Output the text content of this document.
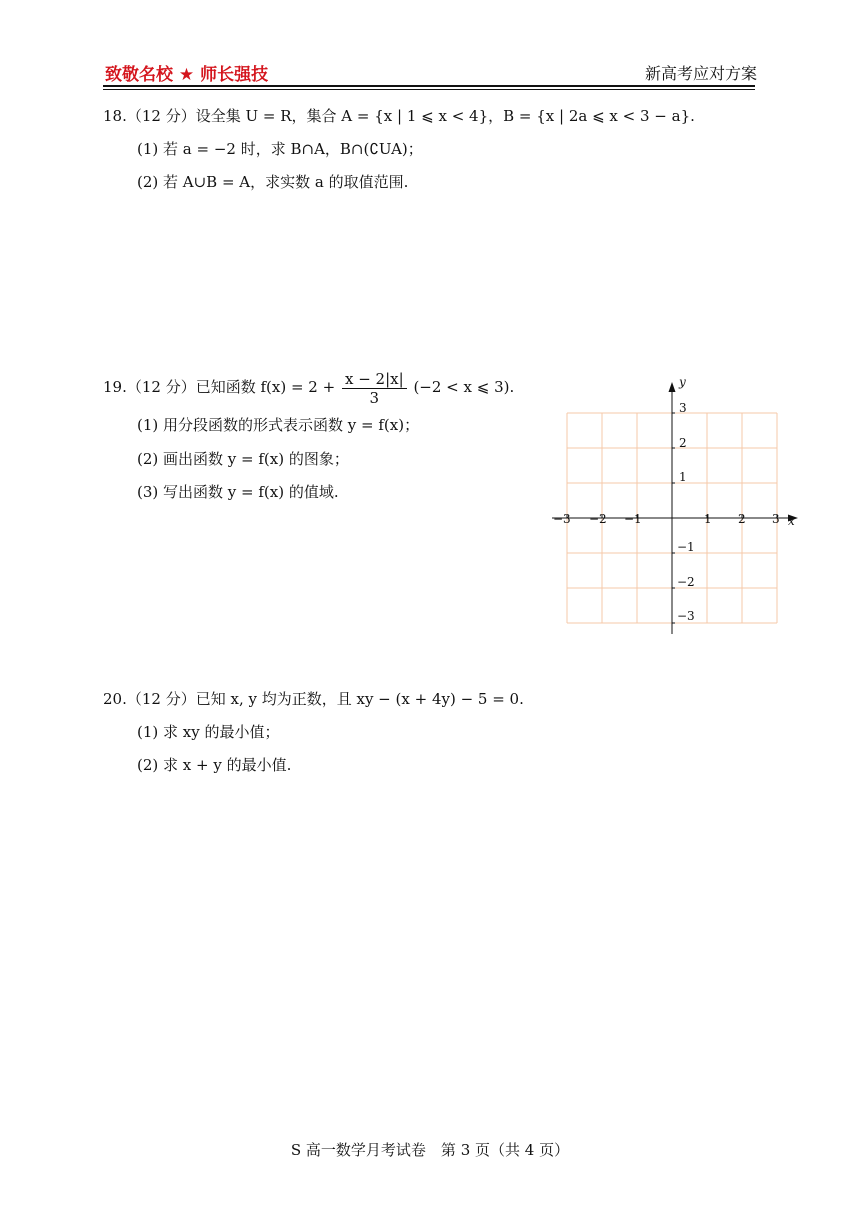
致敬名校 ★ 师长强技	新高考应对方案
18.（12 分）设全集 U = R，集合 A = {x | 1 ⩽ x < 4}，B = {x | 2a ⩽ x < 3 − a}.
(1) 若 a = −2 时，求 B∩A，B∩(∁UA)；
(2) 若 A∪B = A，求实数 a 的取值范围.
19.（12 分）已知函数 $f(x) = 2 + \frac{x - 2|x|}{3} (-2 < x$ ⩽ 3).
(1) 用分段函数的形式表示函数 y = f(x)；
(2) 画出函数 y = f(x) 的图象；
(3) 写出函数 y = f(x) 的值域.
x
y
−3 −2 −1	1 2 3
3
2
1
−1
−2
−3
20.（12 分）已知 x, y 均为正数，且 xy − (x + 4y) − 5 = 0.
(1) 求 xy 的最小值；
(2) 求 x + y 的最小值.
S 高一数学月考试卷　第 3 页（共 4 页）
